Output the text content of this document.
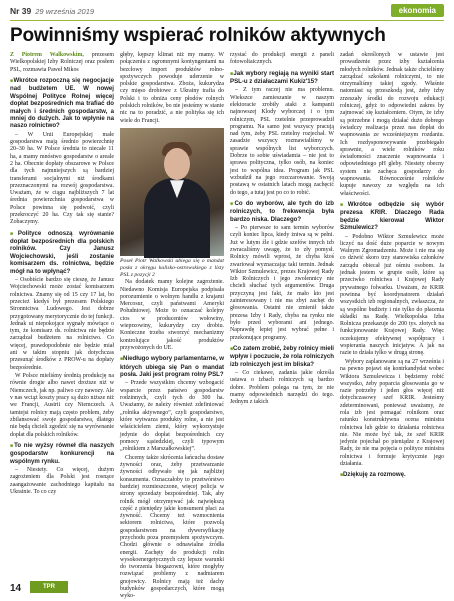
Nr 39 29 września 2019	ekonomia
Powinniśmy wspierać rolników aktywnych

Z Piotrem Walkowskim, prezesem Wielkopolskiej Izby Rolniczej oraz posłem PSL, rozmawia Paweł Mikos

■ Wkrótce rozpoczną się negocjacje nad budżetem UE. W nowej Wspólnej Polityce Rolnej więcej dopłat bezpośrednich ma trafiać do małych i średnich gospodarstw, a mniej do dużych. Jak to wpłynie na naszo rolnictwo?

– W Unii Europejskiej małe gospodarstwa mają średnio powierzchnię 20–30 ha. W Polsce średnia to niecałe 11 ha, a mamy mnóstwo gospodarstw o areale 2 ha. Obecnie dopłaty obszarowe w Polsce dla tych najmniejszych są bardziej transferami socjalnymi niż środkami przeznaczonymi na rozwój gospodarstwa. Uważam, że w ciągu najbliższych 7 lat średnia powierzchnia gospodarstwa w Polsce powinna się podwoić, czyli przekroczyć 20 ha. Czy tak się stanie? Zobaczymy.

■ Polityce odnoszą wyrównanie dopłat bezpośrednich dla polskich rolników. Czy Janusz Wojciechowski, jeśli zostanie komisarzem ds. rolnictwa, będzie mógł na to wpłynąć?

– Osobiście bardzo się cieszę, że Janusz Wojciechowski może zostać komisarzem rolnictwa. Znamy się od 15 czy 17 lat, bo przecież kiedyś był prezesem Polskiego Stronnictwa Ludowego. Jest dobrze przygotowany merytorycznie do tej funkcji. Jednak ui niepokojące sygnały mówiące o tym, że komisarz ds. rolnictwa nie będzie zarządzał budżetem na rolnictwo. Co więcej, prawdopodobnie nie będzie miał ani w takim stopniu jak dotychczas przesunąć środków z PROW-u na dopłaty bezpośrednie.

W Polsce mieliśmy średnią produkcję na równie drogie albo nawet droższe niż w Niemczech, jak np. paliwo czy nawozy. Ale v nas wciąż koszty pracy są dużo niższe niż we Francji, Austrii czy Niemczech. A tamtejsi rolnicy mają często problem, żeby zbilansować swoje gospodarstwa, dlatego nie będą chcieli zgodzić się na wyrównanie dopłat dla polskich rolników.

■ To nie wyżsy równeł dla naszych gospodarstw konkurencji na wspólnym rynku.

– Niestety. Co więcej, dużym zagrożeniem dla Polski jest rosnące zaangażowanie zachodniego kapitału na Ukrainie. To co czy

głęby, kępszy klimat niż my mamy. W połączeniu z ogromnymi kontyngentami na bezcłowy import produktów rolno-spożywczych powoduje uderzenie w polskie gospodarstwa. Zboża, kukurydza czy mięso drobiowe z Ukrainy trafia do Polski i to obniża ceny płodów rolnych polskich rolników, bo nie jesteśmy w stanie nic na to poradzić, a nie polityka się ich wiele do Francji.

Poseł Piotr Walkowski ubiega się o mandat posła z okręgu kalisko-ostrowskiego z listy PSL z pozycji 2

Na dodatek mamy kolejne zagrożenie. Niedawno Komisja Europejska podpisała porozumienie o wolnym handlu z krajami Mercosur, czyli państwami Ameryki Południowej. Może to oznaczać kolejny cios w producentów wołowiny, wieprzowiny, kukurydzy czy drobiu. Konieczne trzeba stworzyć mechanizmy kontrolujące jakość produktów przywożonych do UE.

■ Niedługo wybory parlamentarne, w których ubiega się Pan o mandat posła. Jaki jest program rolny PSL?

– Przede wszystkim chcemy wzbogacić wsparcie przez państwo gospodarstw rodzinnych, czyli tych do 300 ha. Uważamy, że należy również zdefiniować „rolnika aktywnego”, czyli gospodarstwo, które wytwarza produkty rolne, a nie jest właścicielem ziemi, który wykorzystuje jedynie do dopłat bezpośrednich czy pomocy sąsiedzkiej, czyli typowym „rolnikiem z Marszałkowskiej”.

Chcemy także skrócenia łańcucha dostaw żywności oraz, żeby przetwarzanie żywności odbywało się jak najbliżej konsumenta. Oznaczałoby to przetwórstwo bardziej rozmieszczone, więcej policja w strony sprzedaży bezpośredniej. Tak, aby rolnik mógł otrzymywać jak największą część z pieniędzy jakie konsument płaci za żywność. Chcemy też wzmocnienia sektorem rolnictwa, które pozwolą gospodarstwom na dywersyfikację przychodu poza przemysłem spożywczym. Chodzi głównie o odnawialne źródła energii. Zachęty do produkcji rolin wysokoenergetycznych czy lepsze warunki do tworzenia biogazowni, które mogłyby rozwiązać problemy z nadmiarem gnojowicy. Rolnicy mają też dachy budynków gospodarczych, które mogą wyko-

rzystać do produkcji energii z paneli fotowoltaicznych.

■ Jak wybory regiają na wyniki start PSL-u z działaczami Kukiz'15?

– Z tym raczej nie ma problemu. Wiekszce zamieszanie w naszym elektoracie zrobiły ataki z kampanii najnowszej Klody wyborczej i o tym rolniczym, PSL rzetelnie przeprowadził programu. Na samo jest wszyscy pracują nad tym, żeby PSL rzetelny rozjechał. W zasadzie wszyscy rozmawialiśmy w sprawie wspólnych list wyborczych. Dobrze to sobie uświadamia – nie jest to sprawa polityczna, tylko osób, na koniec jest to wspólna idea. Program jak PSL wzbudził na jego rozczarowanie. Swoją postawą w ostatnich latach mogą zachęcić do tego, a tutaj jest po co to robić.

■ Co do wyborów, ale tych do izb rolniczych, to frekwencja była bardzo niska. Dlaczego?

– Po pierwsze to sam termin wyborów czyli koniec lipca, kiedy żniwa są w pełni. Już w lutym źle i gdzie szefów innych izb zwracaliśmy uwagę, że to zły pomysł. Rolnicy mówili wprost, że chyba ktoś zwariował wyznaczając taki termin. Jednak Wiktor Szmulewicz, prezes Krajowej Rady Izb Rolniczych i jego zwolennicy nie chcieli słuchać tych argumentów. Druga przyczyną jest fakt, że mało kto jest zainteresowany i nie ma zbyt zachęt do głosowania. Ostatni nie zmienił także prezesa Izby i Rady, chyba na rynku nie było przed wyborami ani jednego. Naprawdę lepiej jest wybrać pełne i przekonujące programy.

■ Co zatem zrobić, żeby rolnicy mieli wpływ i poczucie, że rola rolniczych izb rolniczych jest im bliska?

– Co ciekawe, zadania jakie określa ustawa o izbach rolniczych są bardzo dobre. Problem polega na tym, że nie mamy odpowiednich narzędzi do tego. Jednym z takich

zadań określonych w ustawie jest prowadzenie przez izby kształcenia młodych rolników. Jednak także chcieliśmy zarządzać szkołami rolniczymi, to nie otrzymaliśmy takiej zgody. Właśnie natomiast są przeszkodą jest, żeby izby zrzeszały środki do rozwoju edukacji rolniczej, gdyż to odpowiedni zakres by zajmować się kształceniem. Otym, że izby są potrzebne i mogą działać dużo dobrego świadczy realizacja przez nas dopłat do wapnowania ze wcześniejszym rozdaniu. Ich rozdysponowywanie przebiegało sprawnie, a wiele rolników roku świadomości znaczenie wapnowania i odpowiedniego pH gleby. Niestety obecny system nie zachęca gospodarzy do wapnowania. Równocześnie rolników kupuje nawozy ze względu na ich właściwości.

■ Wkrótce odbędzie się wybór prezesa KRIR. Dlaczego Rada będzie kierował Wiktor Szmulewicz?

– Podobno Wiktor Szmulewicz może liczyć na dość duże poparcie w nowym Walnym Zgromadzeniu. Może i nie ma się co dziwić skoro trzy stanowiska członków zarządu obiecał już ośmiu osobom. Ja jednak jestem w grupie osób, które są przeciwko rolnictwa i Krajowej Rady prywatnego folwarku. Uważam, że KRIR powinna być koordynatorem działań wszystkich izb regionalnych, zwłaszcza, że są wspólne budżety i nie tylko do płacenia składki na Radę. Wielkopolska Izba Rolnicza przekazuje do 200 tys. złotych na funkcjonowanie Krajowej Rady. Więc oczekujemy efektywnej współpracy i wspierania naszych inicjatyw. A jak na razie to działa tylko w drugą stronę.

Wybory zaplanowane są na 27 września i na pewno pojawi się kontrkandydat wobec Wiktora Szmulewicza i będziemy robić wszystko, żeby poparcia głosowania go w razie potrzeby i jeden głos więcej niż dotychczasowy szef KRIR. Jesteśmy zdeterminowani, ponieważ uważamy, że rola izb jest pomagać rolnikom oraz ratunku konstruktywna ocena ministra rolnictwa lub gdzie to działania rolnictwa nie. Nie może być tak, że szef KRIR jedynie pojechał po pieniądze z Krajowej Rady, że nie ma pojęcia o polityce ministra rolnictwa i formuje krytycznie jego działania.

■ Dziękuję za rozmowę.

14	TPR
